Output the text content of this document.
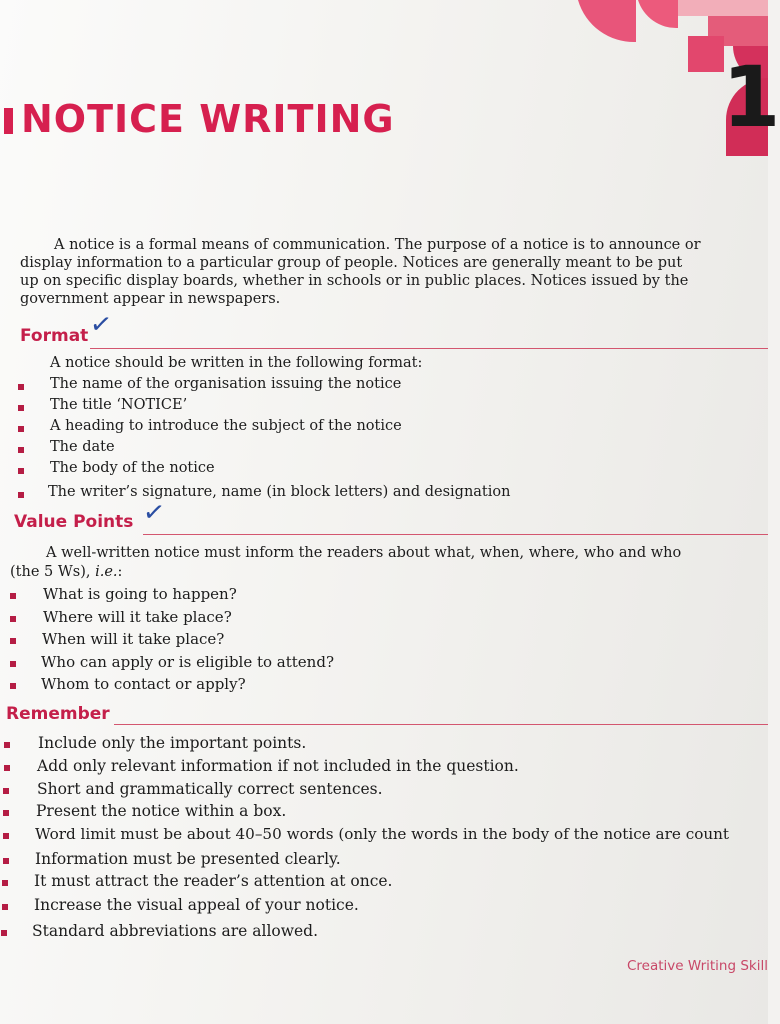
1
NOTICE WRITING
A notice is a formal means of communication. The purpose of a notice is to announce or
display information to a particular group of people. Notices are generally meant to be put
up on specific display boards, whether in schools or in public places. Notices issued by the
government appear in newspapers.
Format ✓
A notice should be written in the following format:
The name of the organisation issuing the notice
The title ‘NOTICE’
A heading to introduce the subject of the notice
The date
The body of the notice
The writer’s signature, name (in block letters) and designation
Value Points ✓
A well-written notice must inform the readers about what, when, where, who and who
(the 5 Ws), i.e.:
What is going to happen?
Where will it take place?
When will it take place?
Who can apply or is eligible to attend?
Whom to contact or apply?
Remember
Include only the important points.
Add only relevant information if not included in the question.
Short and grammatically correct sentences.
Present the notice within a box.
Word limit must be about 40–50 words (only the words in the body of the notice are count
Information must be presented clearly.
It must attract the reader’s attention at once.
Increase the visual appeal of your notice.
Standard abbreviations are allowed.
Creative Writing Skill
